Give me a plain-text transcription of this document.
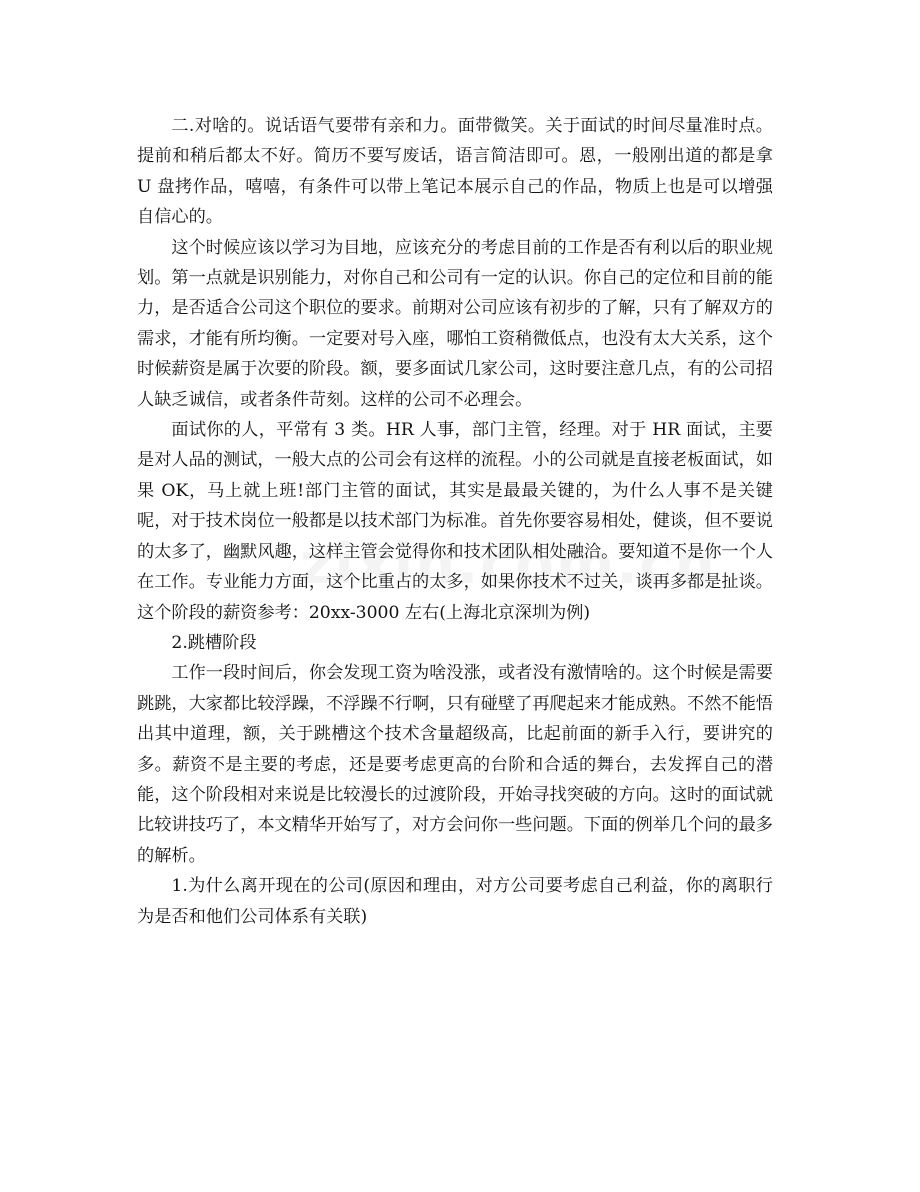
二.对啥的。说话语气要带有亲和力。面带微笑。关于面试的时间尽量准时点。提前和稍后都太不好。简历不要写废话，语言简洁即可。恩，一般刚出道的都是拿 U 盘拷作品，嘻嘻，有条件可以带上笔记本展示自己的作品，物质上也是可以增强自信心的。

这个时候应该以学习为目地，应该充分的考虑目前的工作是否有利以后的职业规划。第一点就是识别能力，对你自己和公司有一定的认识。你自己的定位和目前的能力，是否适合公司这个职位的要求。前期对公司应该有初步的了解，只有了解双方的需求，才能有所均衡。一定要对号入座，哪怕工资稍微低点，也没有太大关系，这个时候薪资是属于次要的阶段。额，要多面试几家公司，这时要注意几点，有的公司招人缺乏诚信，或者条件苛刻。这样的公司不必理会。

面试你的人，平常有 3 类。HR 人事，部门主管，经理。对于 HR 面试，主要是对人品的测试，一般大点的公司会有这样的流程。小的公司就是直接老板面试，如果 OK，马上就上班!部门主管的面试，其实是最最关键的，为什么人事不是关键呢，对于技术岗位一般都是以技术部门为标准。首先你要容易相处，健谈，但不要说的太多了，幽默风趣，这样主管会觉得你和技术团队相处融洽。要知道不是你一个人在工作。专业能力方面，这个比重占的太多，如果你技术不过关，谈再多都是扯谈。这个阶段的薪资参考：20xx-3000 左右(上海北京深圳为例)

2.跳槽阶段

工作一段时间后，你会发现工资为啥没涨，或者没有激情啥的。这个时候是需要跳跳，大家都比较浮躁，不浮躁不行啊，只有碰壁了再爬起来才能成熟。不然不能悟出其中道理，额，关于跳槽这个技术含量超级高，比起前面的新手入行，要讲究的多。薪资不是主要的考虑，还是要考虑更高的台阶和合适的舞台，去发挥自己的潜能，这个阶段相对来说是比较漫长的过渡阶段，开始寻找突破的方向。这时的面试就比较讲技巧了，本文精华开始写了，对方会问你一些问题。下面的例举几个问的最多的解析。

1.为什么离开现在的公司(原因和理由，对方公司要考虑自己利益，你的离职行为是否和他们公司体系有关联)
